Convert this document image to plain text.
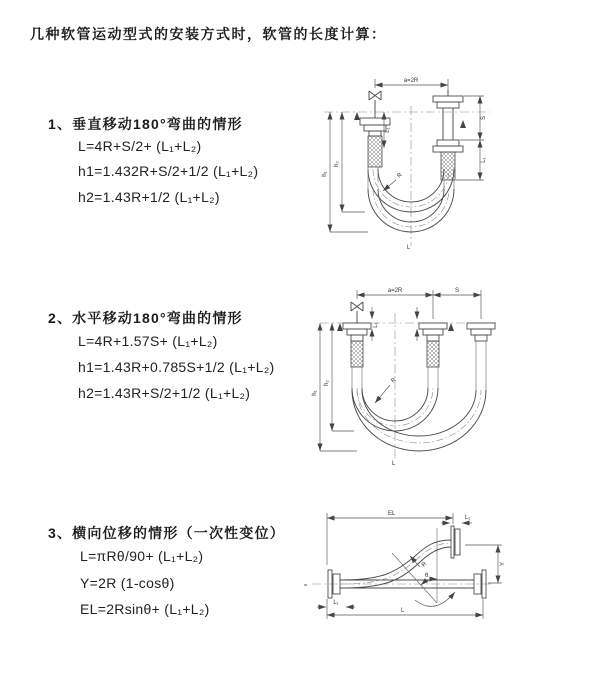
几种软管运动型式的安装方式时，软管的长度计算：
1、垂直移动180°弯曲的情形
L=4R+S/2+ (L₁+L₂)
h1=1.432R+S/2+1/2 (L₁+L₂)
h2=1.43R+1/2 (L₁+L₂)
2、水平移动180°弯曲的情形
L=4R+1.57S+ (L₁+L₂)
h1=1.43R+0.785S+1/2 (L₁+L₂)
h2=1.43R+S/2+1/2 (L₁+L₂)
3、横向位移的情形（一次性变位）
L=πRθ/90+ (L₁+L₂)
Y=2R (1-cosθ)
EL=2Rsinθ+ (L₁+L₂)
a=2R
S
L₁
L₁
h₁
h₂
R
L
a=2R	S
L₁
h₁
h₂	R
L
≈
θ
EL
L₁
Y
R
L
L₁
